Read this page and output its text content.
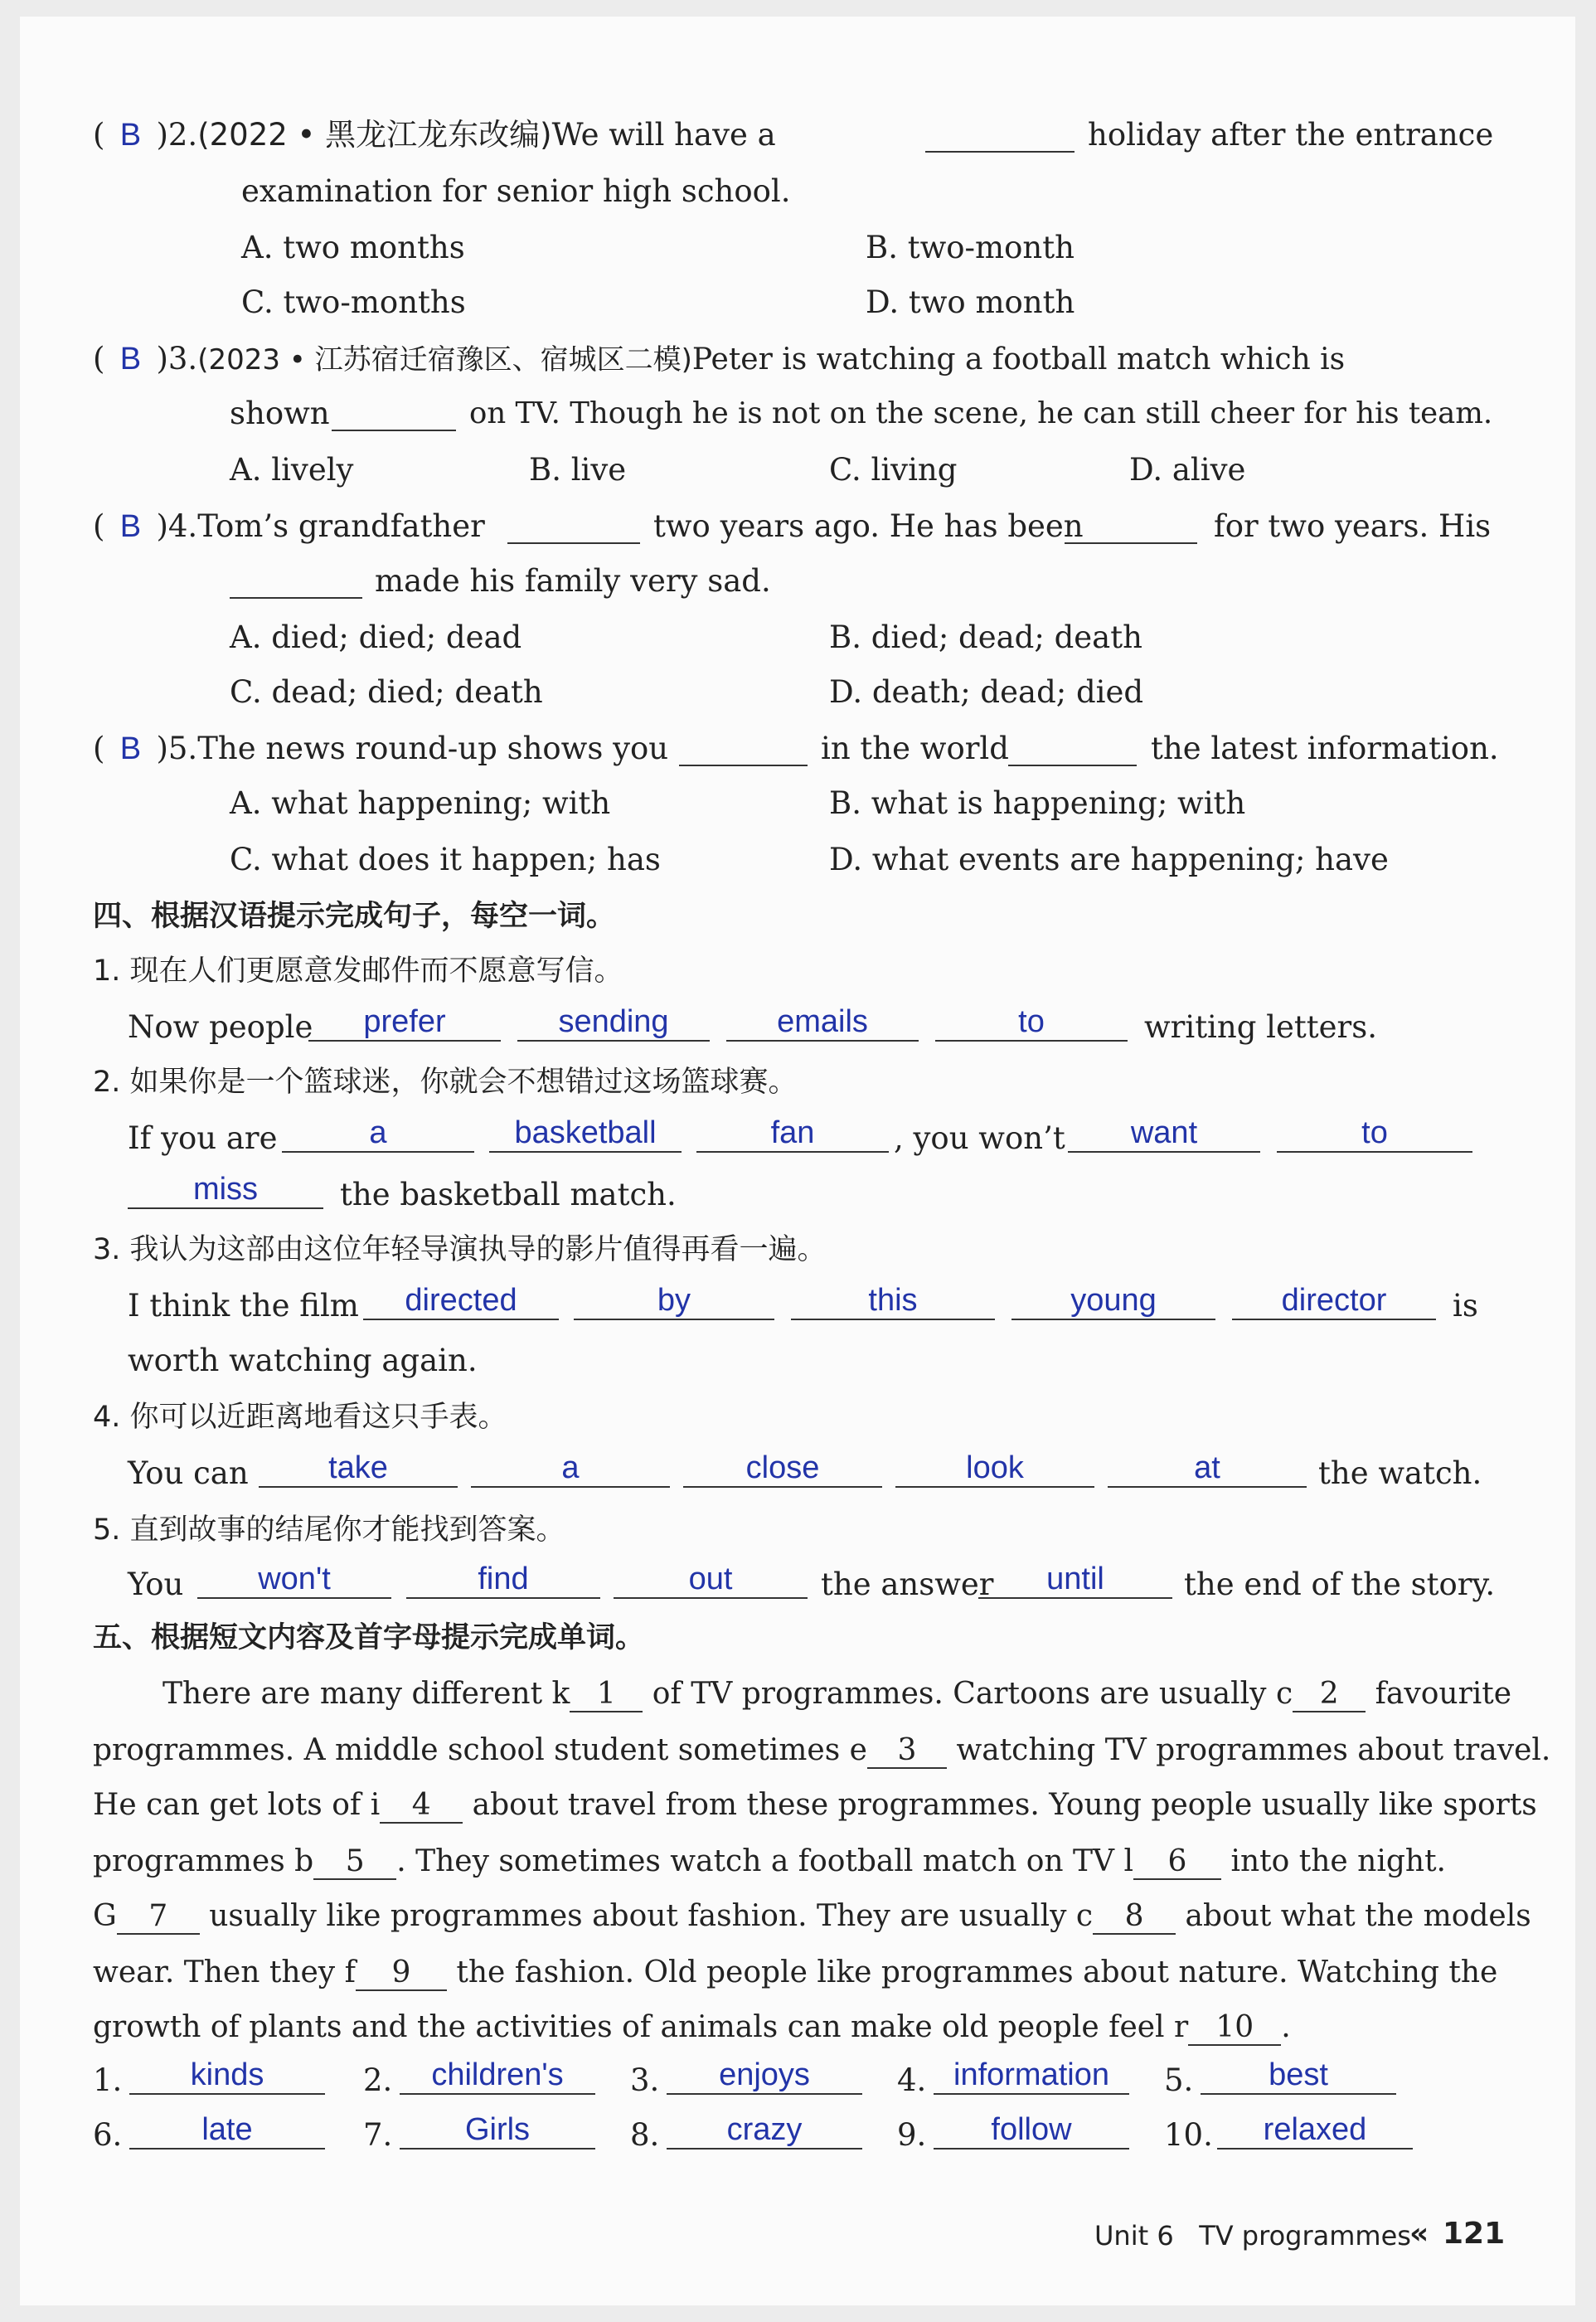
( B )2.(2022 • 黑龙江龙东改编)We will have a	holiday after the entrance
examination for senior high school.
A. two months	B. two-month
C. two-months	D. two month
( B )3.(2023 • 江苏宿迁宿豫区、宿城区二模)Peter is watching a football match which is
shown	on TV. Though he is not on the scene, he can still cheer for his team.
A. lively	B. live	C. living	D. alive
( B )4.Tom’s grandfather	two years ago. He has been	for two years. His
made his family very sad.
A. died; died; dead	B. died; dead; death
C. dead; died; death	D. death; dead; died
( B )5.The news round-up shows you	in the world	the latest information.
A. what happening; with	B. what is happening; with
C. what does it happen; has	D. what events are happening; have
四、根据汉语提示完成句子，每空一词。
1. 现在人们更愿意发邮件而不愿意写信。
Now people	prefer	sending	emails	to	writing letters.
2. 如果你是一个篮球迷，你就会不想错过这场篮球赛。
If you are	a	basketball	fan	, you won’t	want	to
miss	the basketball match.
3. 我认为这部由这位年轻导演执导的影片值得再看一遍。
I think the film	directed	by	this	young	director	is
worth watching again.
4. 你可以近距离地看这只手表。
You can	take	a	close	look	at	the watch.
5. 直到故事的结尾你才能找到答案。
You	won't	find	out	the answer	until	the end of the story.
五、根据短文内容及首字母提示完成单词。
There are many different k 1 of TV programmes. Cartoons are usually c 2 favourite
programmes. A middle school student sometimes e 3 watching TV programmes about travel.
He can get lots of i 4 about travel from these programmes. Young people usually like sports
programmes b 5 . They sometimes watch a football match on TV l 6 into the night.
G 7 usually like programmes about fashion. They are usually c 8 about what the models
wear. Then they f 9 the fashion. Old people like programmes about nature. Watching the
growth of plants and the activities of animals can make old people feel r 10 .
1.	kinds	2.	children's	3.	enjoys	4. information	5.	best
6.	late	7.	Girls	8.	crazy	9.	follow	10.	relaxed
Unit 6 TV programmes
« 121
